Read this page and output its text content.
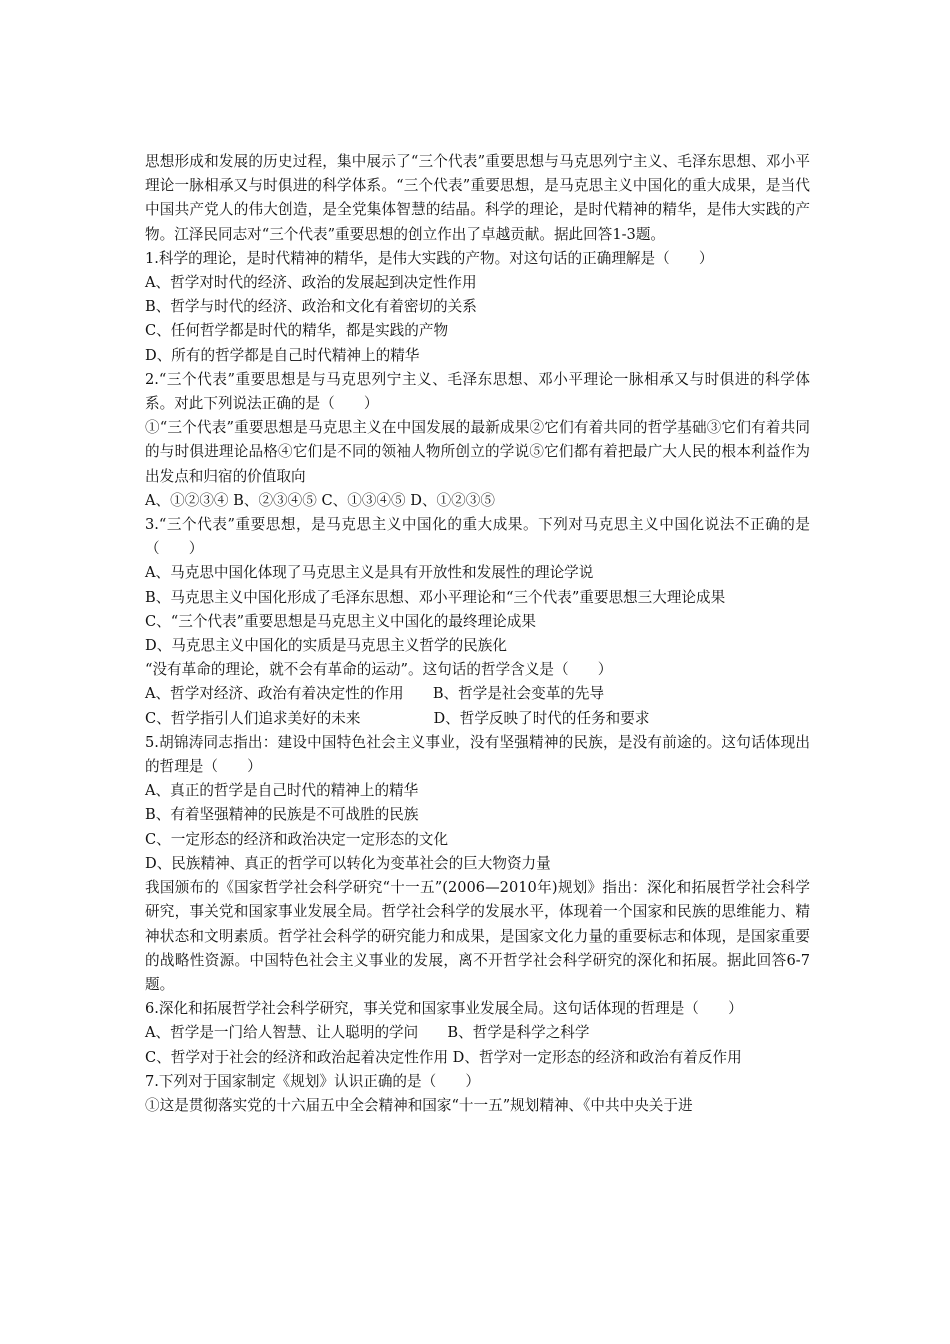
思想形成和发展的历史过程，集中展示了“三个代表”重要思想与马克思列宁主义、毛泽东思想、邓小平理论一脉相承又与时俱进的科学体系。“三个代表”重要思想，是马克思主义中国化的重大成果，是当代中国共产党人的伟大创造，是全党集体智慧的结晶。科学的理论，是时代精神的精华，是伟大实践的产物。江泽民同志对“三个代表”重要思想的创立作出了卓越贡献。据此回答1-3题。

1.科学的理论，是时代精神的精华，是伟大实践的产物。对这句话的正确理解是（　　）

A、哲学对时代的经济、政治的发展起到决定性作用

B、哲学与时代的经济、政治和文化有着密切的关系

C、任何哲学都是时代的精华，都是实践的产物

D、所有的哲学都是自己时代精神上的精华

2.“三个代表”重要思想是与马克思列宁主义、毛泽东思想、邓小平理论一脉相承又与时俱进的科学体系。对此下列说法正确的是（　　）

①“三个代表”重要思想是马克思主义在中国发展的最新成果②它们有着共同的哲学基础③它们有着共同的与时俱进理论品格④它们是不同的领袖人物所创立的学说⑤它们都有着把最广大人民的根本利益作为出发点和归宿的价值取向

A、①②③④ B、②③④⑤ C、①③④⑤ D、①②③⑤

3.“三个代表”重要思想，是马克思主义中国化的重大成果。下列对马克思主义中国化说法不正确的是（　　）

A、马克思中国化体现了马克思主义是具有开放性和发展性的理论学说

B、马克思主义中国化形成了毛泽东思想、邓小平理论和“三个代表”重要思想三大理论成果

C、“三个代表”重要思想是马克思主义中国化的最终理论成果

D、马克思主义中国化的实质是马克思主义哲学的民族化

“没有革命的理论，就不会有革命的运动”。这句话的哲学含义是（　　）

A、哲学对经济、政治有着决定性的作用　　B、哲学是社会变革的先导

C、哲学指引人们追求美好的未来　　　　　D、哲学反映了时代的任务和要求

5.胡锦涛同志指出：建设中国特色社会主义事业，没有坚强精神的民族，是没有前途的。这句话体现出的哲理是（　　）

A、真正的哲学是自己时代的精神上的精华

B、有着坚强精神的民族是不可战胜的民族

C、一定形态的经济和政治决定一定形态的文化

D、民族精神、真正的哲学可以转化为变革社会的巨大物资力量

我国颁布的《国家哲学社会科学研究“十一五”(2006—2010年)规划》指出：深化和拓展哲学社会科学研究，事关党和国家事业发展全局。哲学社会科学的发展水平，体现着一个国家和民族的思维能力、精神状态和文明素质。哲学社会科学的研究能力和成果，是国家文化力量的重要标志和体现，是国家重要的战略性资源。中国特色社会主义事业的发展，离不开哲学社会科学研究的深化和拓展。据此回答6-7题。

6.深化和拓展哲学社会科学研究，事关党和国家事业发展全局。这句话体现的哲理是（　　）

A、哲学是一门给人智慧、让人聪明的学问　　B、哲学是科学之科学

C、哲学对于社会的经济和政治起着决定性作用 D、哲学对一定形态的经济和政治有着反作用

7.下列对于国家制定《规划》认识正确的是（　　）

①这是贯彻落实党的十六届五中全会精神和国家“十一五”规划精神、《中共中央关于进
